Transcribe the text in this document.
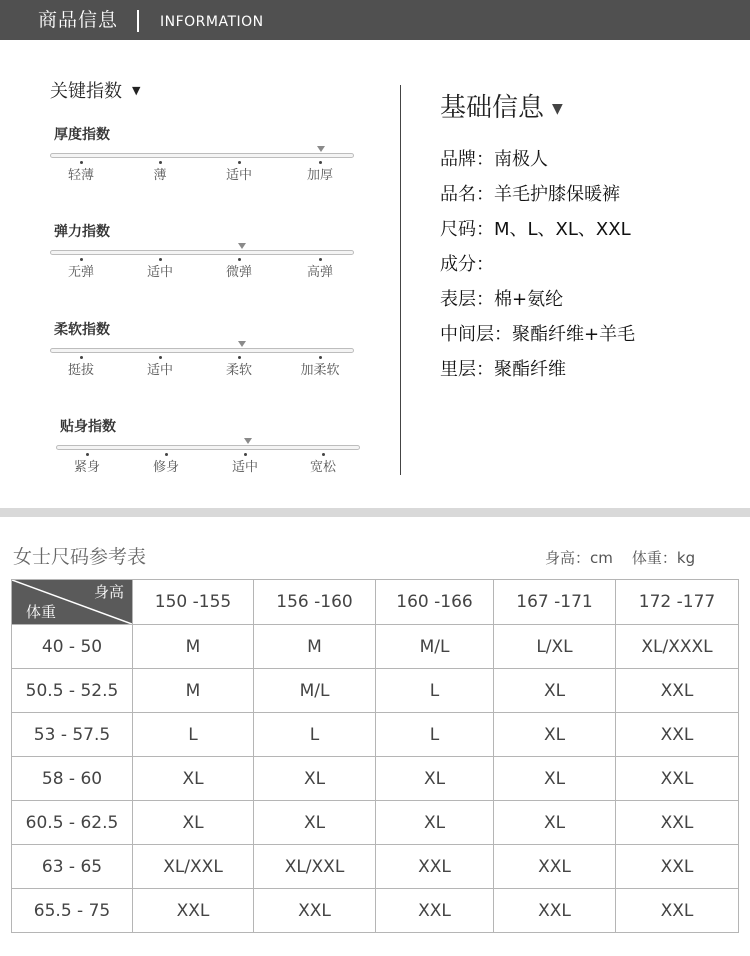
商品信息	INFORMATION
关键指数 ▼
厚度指数
轻薄	薄	适中	加厚
弹力指数
无弹	适中	微弹	高弹
柔软指数
挺拔	适中	柔软	加柔软
贴身指数
紧身	修身	适中	宽松
基础信息 ▼
品牌：南极人
品名：羊毛护膝保暖裤
尺码：M、L、XL、XXL
成分：
表层：棉+氨纶
中间层：聚酯纤维+羊毛
里层：聚酯纤维
女士尺码参考表	身高：cm    体重：kg
身高
体重	150 -155	156 -160	160 -166	167 -171	172 -177
40 - 50	M	M	M/L	L/XL	XL/XXXL
50.5 - 52.5	M	M/L	L	XL	XXL
53 - 57.5	L	L	L	XL	XXL
58 - 60	XL	XL	XL	XL	XXL
60.5 - 62.5	XL	XL	XL	XL	XXL
63 - 65	XL/XXL	XL/XXL	XXL	XXL	XXL
65.5 - 75	XXL	XXL	XXL	XXL	XXL
